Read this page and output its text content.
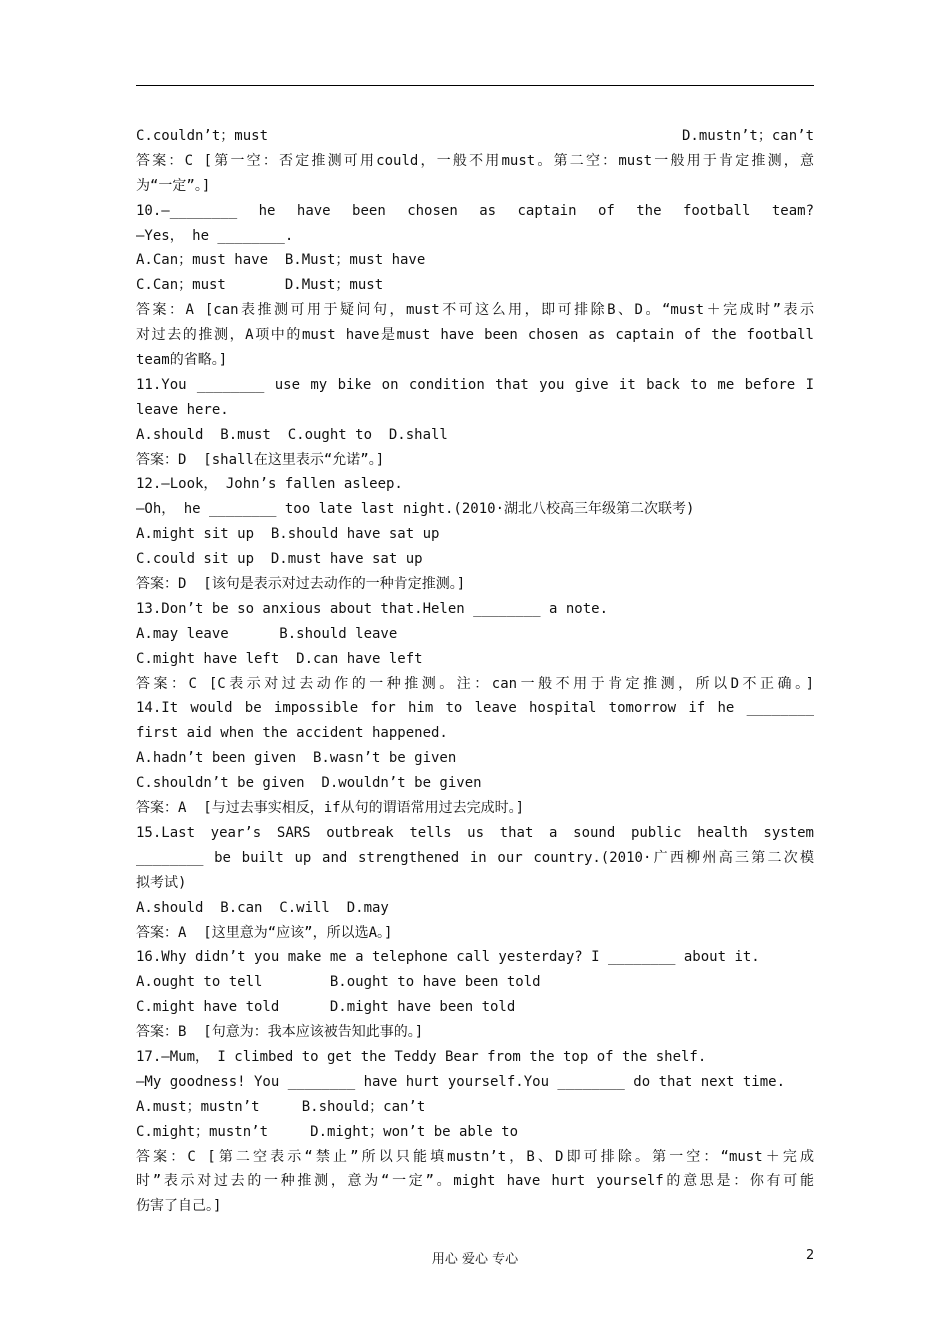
C.couldn’t；must D.mustn’t；can’t
答案：C [第一空：否定推测可用could，一般不用must。第二空：must一般用于肯定推测，意
为“一定”。]
10.—________ he have been chosen as captain of the football team?
—Yes， he ________.
A.Can；must have  B.Must；must have
C.Can；must       D.Must；must
答案：A [can表推测可用于疑问句，must不可这么用，即可排除B、D。“must＋完成时”表示
对过去的推测，A项中的must have是must have been chosen as captain of the football
team的省略。]
11.You ________ use my bike on condition that you give it back to me before I
leave here.
A.should  B.must  C.ought to  D.shall
答案：D  [shall在这里表示“允诺”。]
12.—Look， John’s fallen asleep.
—Oh， he ________ too late last night.(2010·湖北八校高三年级第二次联考)
A.might sit up  B.should have sat up
C.could sit up  D.must have sat up
答案：D  [该句是表示对过去动作的一种肯定推测。]
13.Don’t be so anxious about that.Helen ________ a note.
A.may leave      B.should leave
C.might have left  D.can have left
答案：C [C表示对过去动作的一种推测。注：can一般不用于肯定推测，所以D不正确。]
14.It would be impossible for him to leave hospital tomorrow if he ________
first aid when the accident happened.
A.hadn’t been given  B.wasn’t be given
C.shouldn’t be given  D.wouldn’t be given
答案：A  [与过去事实相反，if从句的谓语常用过去完成时。]
15.Last year’s SARS outbreak tells us that a sound public health system
________ be built up and strengthened in our country.(2010·广西柳州高三第二次模
拟考试)
A.should  B.can  C.will  D.may
答案：A  [这里意为“应该”，所以选A。]
16.Why didn’t you make me a telephone call yesterday? I ________ about it.
A.ought to tell        B.ought to have been told
C.might have told      D.might have been told
答案：B  [句意为：我本应该被告知此事的。]
17.—Mum， I climbed to get the Teddy Bear from the top of the shelf.
—My goodness! You ________ have hurt yourself.You ________ do that next time.
A.must；mustn’t     B.should；can’t
C.might；mustn’t     D.might；won’t be able to
答案：C [第二空表示“禁止”所以只能填mustn’t，B、D即可排除。第一空：“must＋完成
时”表示对过去的一种推测，意为“一定”。might have hurt yourself的意思是：你有可能
伤害了自己。]
用心 爱心 专心	2
